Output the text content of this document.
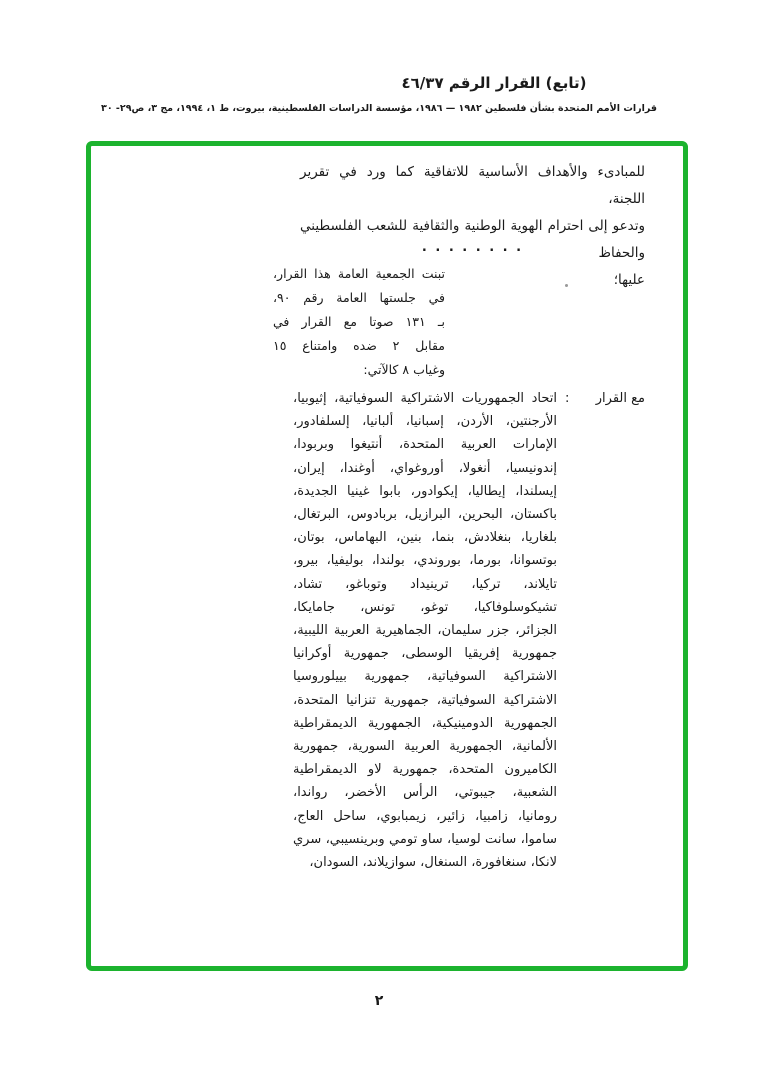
(تابع) القرار الرقم ٤٦/٣٧
قرارات الأمم المتحدة بشأن فلسطين ١٩٨٢ — ١٩٨٦، مؤسسة الدراسات الفلسطينية، بيروت، ط ١، ١٩٩٤، مج ٣، ص٢٩- ٣٠
للمبادىء والأهداف الأساسية للاتفاقية كما ورد في تقرير اللجنة،
وتدعو إلى احترام الهوية الوطنية والثقافية للشعب الفلسطيني والحفاظ
عليها؛
. . . . . . . .
تبنت الجمعية العامة هذا القرار،
في جلستها العامة رقم ٩٠،
بـ ١٣١ صوتا مع القرار في
مقابل ٢ ضده وامتناع ١٥
وغياب ٨ كالآتي:
مع القرار
:
اتحاد الجمهوريات الاشتراكية السوفياتية، إثيوبيا،
الأرجنتين، الأردن، إسبانيا، ألبانيا، إلسلفادور،
الإمارات العربية المتحدة، أنتيغوا وبربودا،
إندونيسيا، أنغولا، أوروغواي، أوغندا، إيران،
إيسلندا، إيطاليا، إيكوادور، بابوا غينيا الجديدة،
باكستان، البحرين، البرازيل، بربادوس، البرتغال،
بلغاريا، بنغلادش، بنما، بنين، البهاماس، بوتان،
بوتسوانا، بورما، بوروندي، بولندا، بوليفيا، بيرو،
تايلاند، تركيا، ترينيداد وتوباغو، تشاد،
تشيكوسلوفاكيا، توغو، تونس، جامايكا،
الجزائر، جزر سليمان، الجماهيرية العربية الليبية،
جمهورية إفريقيا الوسطى، جمهورية أوكرانيا
الاشتراكية السوفياتية، جمهورية بييلوروسيا
الاشتراكية السوفياتية، جمهورية تنزانيا المتحدة،
الجمهورية الدومينيكية، الجمهورية الديمقراطية
الألمانية، الجمهورية العربية السورية، جمهورية
الكاميرون المتحدة، جمهورية لاو الديمقراطية
الشعبية، جيبوتي، الرأس الأخضر، رواندا،
رومانيا، زامبيا، زائير، زيمبابوي، ساحل العاج،
ساموا، سانت لوسيا، ساو تومي وبرينسيبي، سري
لانكا، سنغافورة، السنغال، سوازيلاند، السودان،
٢
